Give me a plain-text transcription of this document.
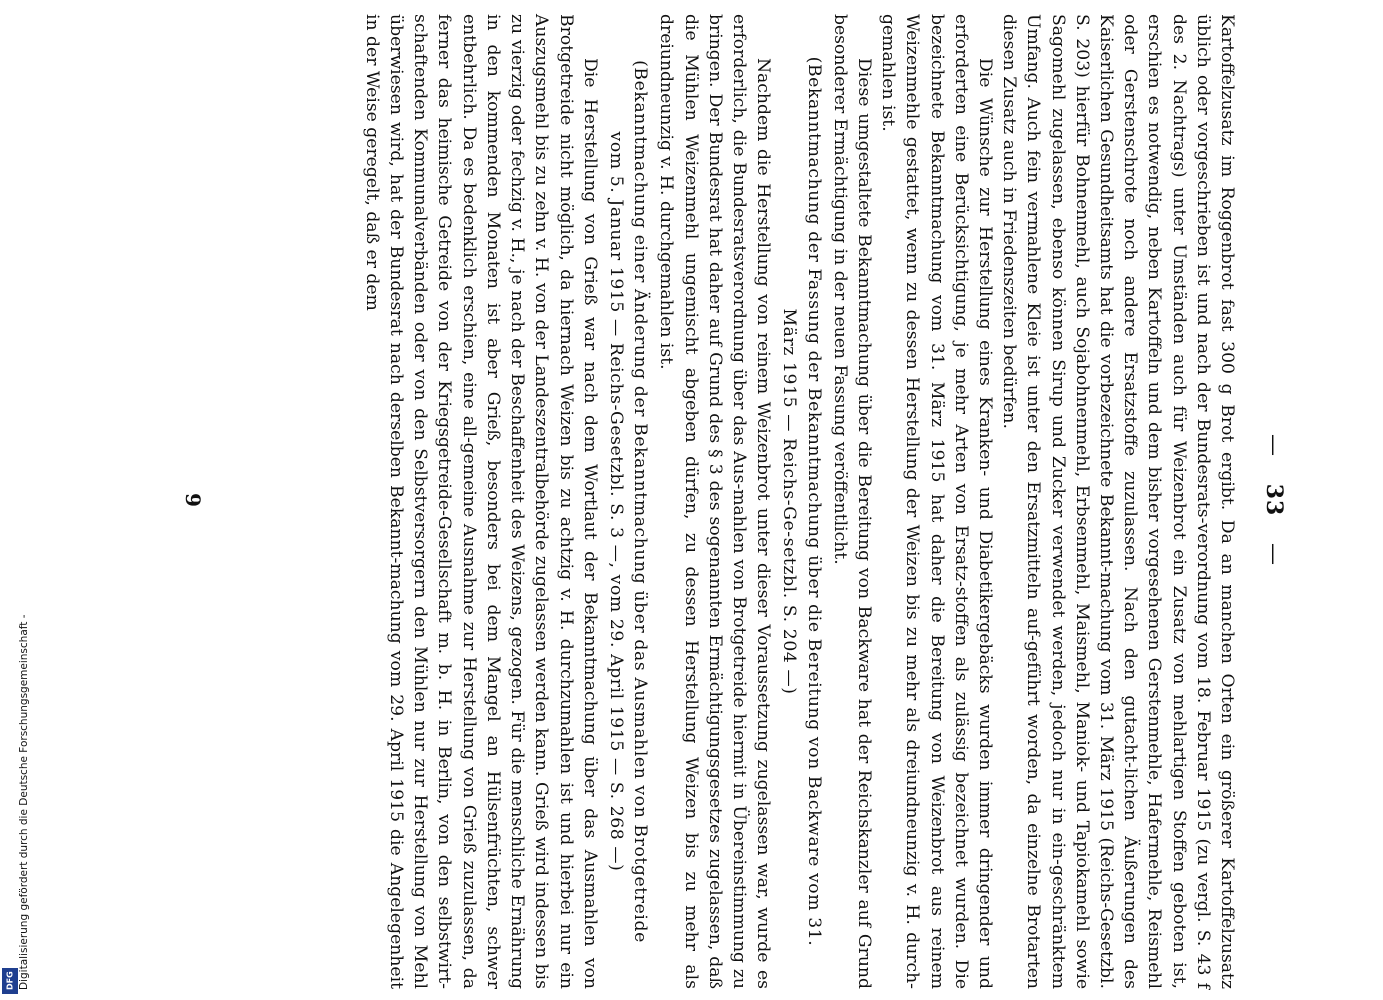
Digitalisierung gefördert durch die Deutsche Forschungsgemeinschaft -
DFG
— 33 —

Kartoffelzusatz im Roggenbrot fast 300 g Brot ergibt. Da an manchen Orten ein größerer Kartoffelzusatz üblich oder vorgeschrieben ist und nach der Bundesrats-verordnung vom 18. Februar 1915 (zu vergl. S. 43 f des 2. Nachtrags) unter Umständen auch für Weizenbrot ein Zusatz von mehlartigen Stoffen geboten ist, erschien es notwendig, neben Kartoffeln und dem bisher vorgesehenen Gerstenmehle, Hafermehle, Reismehl oder Gerstenschrote noch andere Ersatzstoffe zuzulassen. Nach den gutacht-lichen Äußerungen des Kaiserlichen Gesundheitsamts hat die vorbezeichnete Bekannt-machung vom 31. März 1915 (Reichs-Gesetzbl. S. 203) hierfür Bohnenmehl, auch Sojabohnenmehl, Erbsenmehl, Maismehl, Maniok- und Tapiokamehl sowie Sagomehl zugelassen, ebenso können Sirup und Zucker verwendet werden, jedoch nur in ein-geschränktem Umfang. Auch fein vermahlene Kleie ist unter den Ersatzmitteln auf-geführt worden, da einzelne Brotarten diesen Zusatz auch in Friedenszeiten bedürfen.

Die Wünsche zur Herstellung eines Kranken- und Diabetikergebäcks wurden immer dringender und erforderten eine Berücksichtigung, je mehr Arten von Ersatz-stoffen als zulässig bezeichnet wurden. Die bezeichnete Bekanntmachung vom 31. März 1915 hat daher die Bereitung von Weizenbrot aus reinem Weizenmehle gestattet, wenn zu dessen Herstellung der Weizen bis zu mehr als dreiundneunzig v. H. durch-gemahlen ist.

Diese umgestaltete Bekanntmachung über die Bereitung von Backware hat der Reichskanzler auf Grund besonderer Ermächtigung in der neuen Fassung veröffentlicht.

(Bekanntmachung der Fassung der Bekanntmachung über die Bereitung von Backware vom 31. März 1915 — Reichs-Ge-setzbl. S. 204 —)

Nachdem die Herstellung von reinem Weizenbrot unter dieser Voraussetzung zugelassen war, wurde es erforderlich, die Bundesratsverordnung über das Aus-mahlen von Brotgetreide hiermit in Übereinstimmung zu bringen. Der Bundesrat hat daher auf Grund des § 3 des sogenannten Ermächtigungsgesetzes zugelassen, daß die Mühlen Weizenmehl ungemischt abgeben dürfen, zu dessen Herstellung Weizen bis zu mehr als dreiundneunzig v. H. durchgemahlen ist.

(Bekanntmachung einer Änderung der Bekanntmachung über das Ausmahlen von Brotgetreide vom 5. Januar 1915 — Reichs-Gesetzbl. S. 3 —, vom 29. April 1915 — S. 268 —)

Die Herstellung von Grieß war nach dem Wortlaut der Bekanntmachung über das Ausmahlen von Brotgetreide nicht möglich, da hiernach Weizen bis zu achtzig v. H. durchzumahlen ist und hierbei nur ein Auszugsmehl bis zu zehn v. H. von der Landeszentralbehörde zugelassen werden kann. Grieß wird indessen bis zu vierzig oder fechzig v. H., je nach der Beschaffenheit des Weizens, gezogen. Für die menschliche Ernährung in den kommenden Monaten ist aber Grieß, besonders bei dem Mangel an Hülsenfrüchten, schwer entbehrlich. Da es bedenklich erschien, eine all-gemeine Ausnahme zur Herstellung von Grieß zuzulassen, da ferner das heimische Getreide von der Kriegsgetreide-Gesellschaft m. b. H. in Berlin, von den selbstwirt-schaftenden Kommunalverbänden oder von den Selbstversorgern den Mühlen nur zur Herstellung von Mehl überwiesen wird, hat der Bundesrat nach derselben Bekannt-machung vom 29. April 1915 die Angelegenheit in der Weise geregelt, daß er dem

9
